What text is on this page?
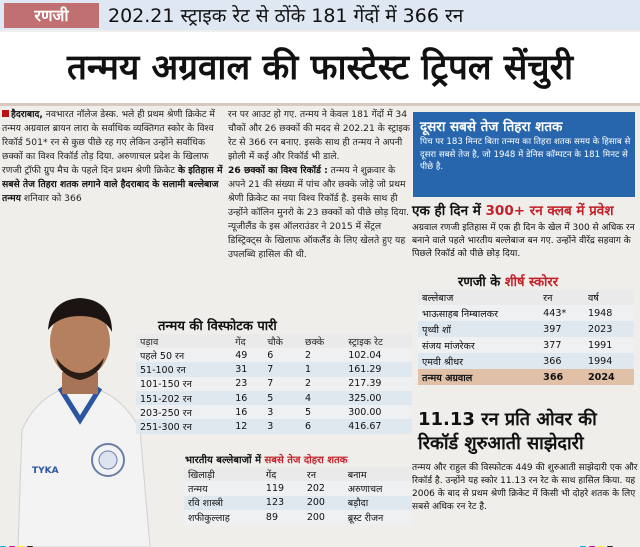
रणजी	202.21 स्ट्राइक रेट से ठोंके 181 गेंदों में 366 रन
तन्मय अग्रवाल की फास्टेस्ट ट्रिपल सेंचुरी
हैदराबाद, नवभारत नॉलेज डेस्क. भले ही प्रथम श्रेणी क्रिकेट में तन्मय अग्रवाल ब्रायन लारा के सर्वाधिक व्यक्तिगत स्कोर के विश्व रिकॉर्ड 501* रन से कुछ पीछे रह गए लेकिन उन्होंने सर्वाधिक छक्कों का विश्व रिकॉर्ड तोड़ दिया. अरुणाचल प्रदेश के खिलाफ रणजी ट्रॉफी ग्रुप मैच के पहले दिन प्रथम श्रेणी क्रिकेट के इतिहास में सबसे तेज तिहरा शतक लगाने वाले हैदराबाद के सलामी बल्लेबाज तन्मय शनिवार को 366
रन पर आउट हो गए. तन्मय ने केवल 181 गेंदों में 34 चौकों और 26 छक्कों की मदद से 202.21 के स्ट्राइक रेट से 366 रन बनाए. इसके साथ ही तन्मय ने अपनी झोली में कई और रिकॉर्ड भी डाले.
26 छक्कों का विश्व रिकॉर्ड : तन्मय ने शुक्रवार के अपने 21 की संख्या में पांच और छक्के जोड़े जो प्रथम श्रेणी क्रिकेट का नया विश्व रिकॉर्ड है. इसके साथ ही उन्होंने कॉलिन मुनरो के 23 छक्कों को पीछे छोड़ दिया. न्यूजीलैंड के इस ऑलराउंडर ने 2015 में सेंट्रल डिस्ट्रिक्ट्स के खिलाफ ऑकलैंड के लिए खेलते हुए यह उपलब्धि हासिल की थी.
TYKA
तन्मय की विस्फोटक पारी
पड़ाव	गेंद	चौके	छक्के	स्ट्राइक रेट
पहले 50 रन	49	6	2	102.04
51-100 रन	31	7	1	161.29
101-150 रन	23	7	2	217.39
151-202 रन	16	5	4	325.00
203-250 रन	16	3	5	300.00
251-300 रन	12	3	6	416.67
भारतीय बल्लेबाजों में सबसे तेज दोहरा शतक
खिलाड़ी	गेंद	रन	बनाम
तन्मय	119	202	अरुणाचल
रवि शास्त्री	123	200	बड़ौदा
शफीकुल्लाह	89	200	ब्रूस्ट रीजन
दूसरा सबसे तेज तिहरा शतक
पिच पर 183 मिनट बिता तन्मय का तिहरा शतक समय के हिसाब से दूसरा सबसे तेज है, जो 1948 में डेनिस कॉम्पटन के 181 मिनट से पीछे है.
एक ही दिन में 300+ रन क्लब में प्रवेश
अग्रवाल रणजी इतिहास में एक ही दिन के खेल में 300 से अधिक रन बनाने वाले पहले भारतीय बल्लेबाज बन गए. उन्होंने वीरेंद्र सहवाग के पिछले रिकॉर्ड को पीछे छोड़ दिया.
रणजी के शीर्ष स्कोरर
बल्लेबाज	रन	वर्ष
भाऊसाहब निम्बालकर	443*	1948
पृथ्वी शॉ	397	2023
संजय मांजरेकर	377	1991
एमवी श्रीधर	366	1994
तन्मय अग्रवाल	366	2024
11.13 रन प्रति ओवर की रिकॉर्ड शुरुआती साझेदारी
तन्मय और राहुल की विस्फोटक 449 की शुरुआती साझेदारी एक और रिकॉर्ड है. उन्होंने यह स्कोर 11.13 रन रेट के साथ हासिल किया. यह 2006 के बाद से प्रथम श्रेणी क्रिकेट में किसी भी दोहरे शतक के लिए सबसे अधिक रन रेट है.
